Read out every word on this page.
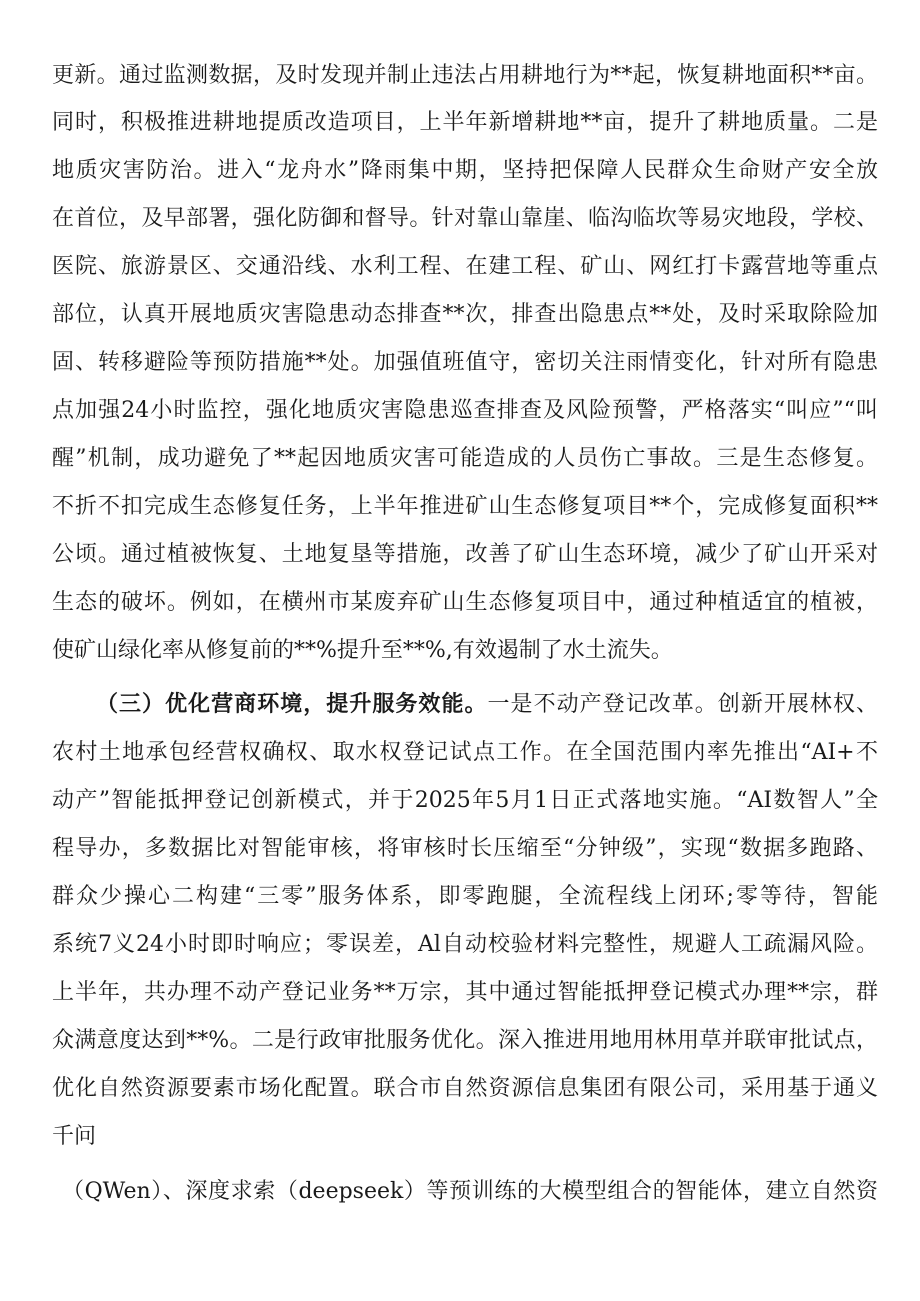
更新。通过监测数据，及时发现并制止违法占用耕地行为**起，恢复耕地面积**亩。
同时，积极推进耕地提质改造项目，上半年新增耕地**亩，提升了耕地质量。二是
地质灾害防治。进入“龙舟水”降雨集中期，坚持把保障人民群众生命财产安全放
在首位，及早部署，强化防御和督导。针对靠山靠崖、临沟临坎等易灾地段，学校、
医院、旅游景区、交通沿线、水利工程、在建工程、矿山、网红打卡露营地等重点
部位，认真开展地质灾害隐患动态排查**次，排查出隐患点**处，及时采取除险加
固、转移避险等预防措施**处。加强值班值守，密切关注雨情变化，针对所有隐患
点加强24小时监控，强化地质灾害隐患巡查排查及风险预警，严格落实“叫应”“叫
醒”机制，成功避免了**起因地质灾害可能造成的人员伤亡事故。三是生态修复。
不折不扣完成生态修复任务，上半年推进矿山生态修复项目**个，完成修复面积**
公顷。通过植被恢复、土地复垦等措施，改善了矿山生态环境，减少了矿山开采对
生态的破坏。例如，在横州市某废弃矿山生态修复项目中，通过种植适宜的植被，
使矿山绿化率从修复前的**%提升至**%,有效遏制了水土流失。
（三）优化营商环境，提升服务效能。一是不动产登记改革。创新开展林权、
农村土地承包经营权确权、取水权登记试点工作。在全国范围内率先推出“AI+不
动产”智能抵押登记创新模式，并于2025年5月1日正式落地实施。“AI数智人”全
程导办，多数据比对智能审核，将审核时长压缩至“分钟级”，实现“数据多跑路、
群众少操心二构建“三零”服务体系，即零跑腿，全流程线上闭环;零等待，智能
系统7义24小时即时响应；零误差，Al自动校验材料完整性，规避人工疏漏风险。
上半年，共办理不动产登记业务**万宗，其中通过智能抵押登记模式办理**宗，群
众满意度达到**%。二是行政审批服务优化。深入推进用地用林用草并联审批试点，
优化自然资源要素市场化配置。联合市自然资源信息集团有限公司，采用基于通义
千问
（QWen）、深度求索（deepseek）等预训练的大模型组合的智能体，建立自然资
